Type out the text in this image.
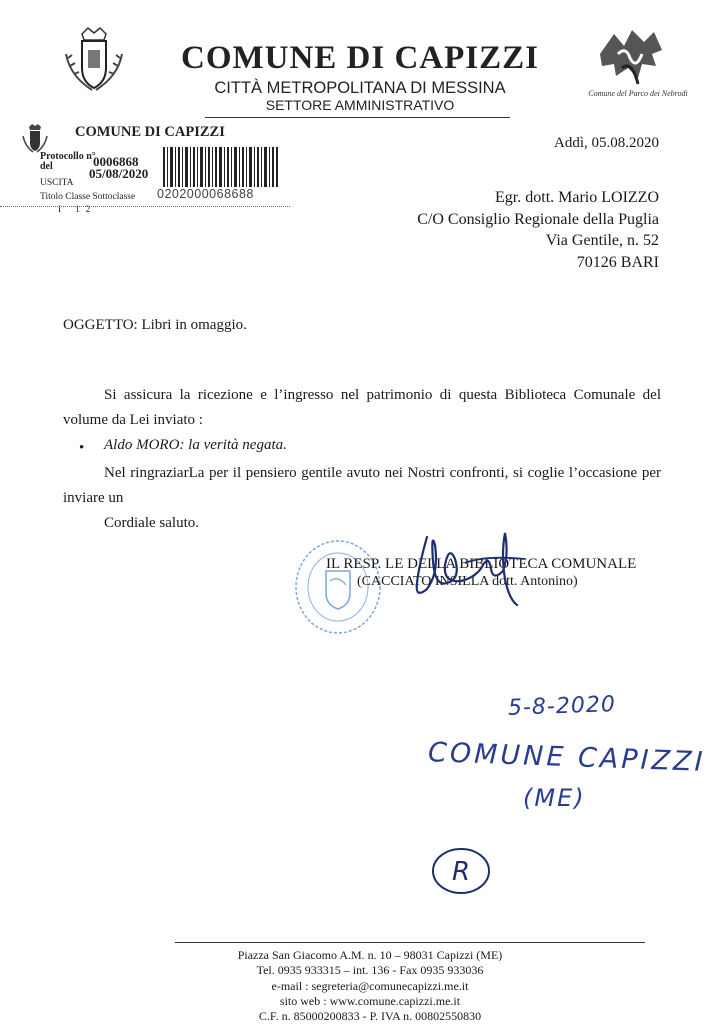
COMUNE DI CAPIZZI
CITTÀ METROPOLITANA DI MESSINA
SETTORE AMMINISTRATIVO
Comune del Parco dei Nebrodi
COMUNE DI CAPIZZI
Protocollo n°
del	0006868
05/08/2020
USCITA
Titolo Classe Sottoclasse
I 12
0202000068688
Addì, 05.08.2020
Egr. dott. Mario LOIZZO
C/O Consiglio Regionale della Puglia
Via Gentile, n. 52
70126 BARI
OGGETTO: Libri in omaggio.
Si assicura la ricezione e l’ingresso nel patrimonio di questa Biblioteca Comunale del volume da Lei inviato :
• Aldo MORO: la verità negata.
Nel ringraziarLa per il pensiero gentile avuto nei Nostri confronti, si coglie l’occasione per inviare un
Cordiale saluto.
IL RESP. LE DELLA BIBLIOTECA COMUNALE
(CACCIATO INSILLA dott. Antonino)
5-8-2020
COMUNE CAPIZZI
(ME)
R
Piazza San Giacomo A.M. n. 10 – 98031 Capizzi (ME)
Tel. 0935 933315 – int. 136 - Fax 0935 933036
e-mail : segreteria@comunecapizzi.me.it
sito web : www.comune.capizzi.me.it
C.F. n. 85000200833 - P. IVA n. 00802550830
